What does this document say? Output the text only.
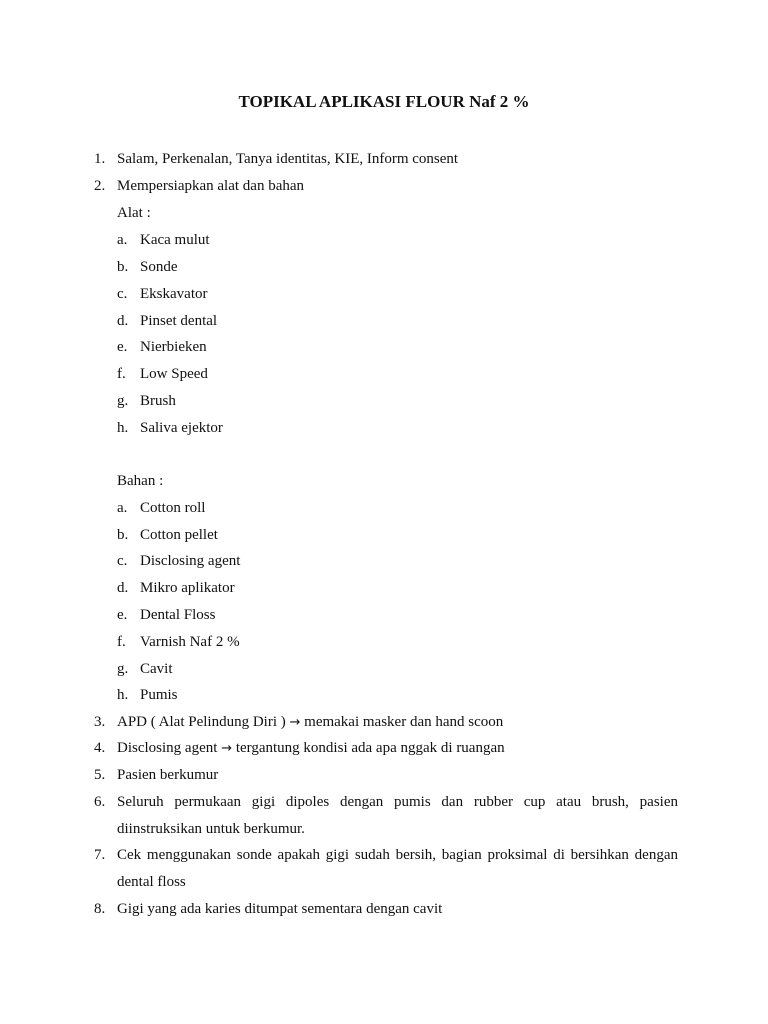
TOPIKAL APLIKASI FLOUR Naf 2 %
1. Salam, Perkenalan, Tanya identitas, KIE, Inform consent
2. Mempersiapkan alat dan bahan
Alat :
a. Kaca mulut
b. Sonde
c. Ekskavator
d. Pinset dental
e. Nierbieken
f. Low Speed
g. Brush
h. Saliva ejektor
Bahan :
a. Cotton roll
b. Cotton pellet
c. Disclosing agent
d. Mikro aplikator
e. Dental Floss
f. Varnish Naf 2 %
g. Cavit
h. Pumis
3. APD ( Alat Pelindung Diri ) → memakai masker dan hand scoon
4. Disclosing agent → tergantung kondisi ada apa nggak di ruangan
5. Pasien berkumur
6. Seluruh permukaan gigi dipoles dengan pumis dan rubber cup atau brush, pasien
diinstruksikan untuk berkumur.
7. Cek menggunakan sonde apakah gigi sudah bersih, bagian proksimal di bersihkan dengan
dental floss
8. Gigi yang ada karies ditumpat sementara dengan cavit
